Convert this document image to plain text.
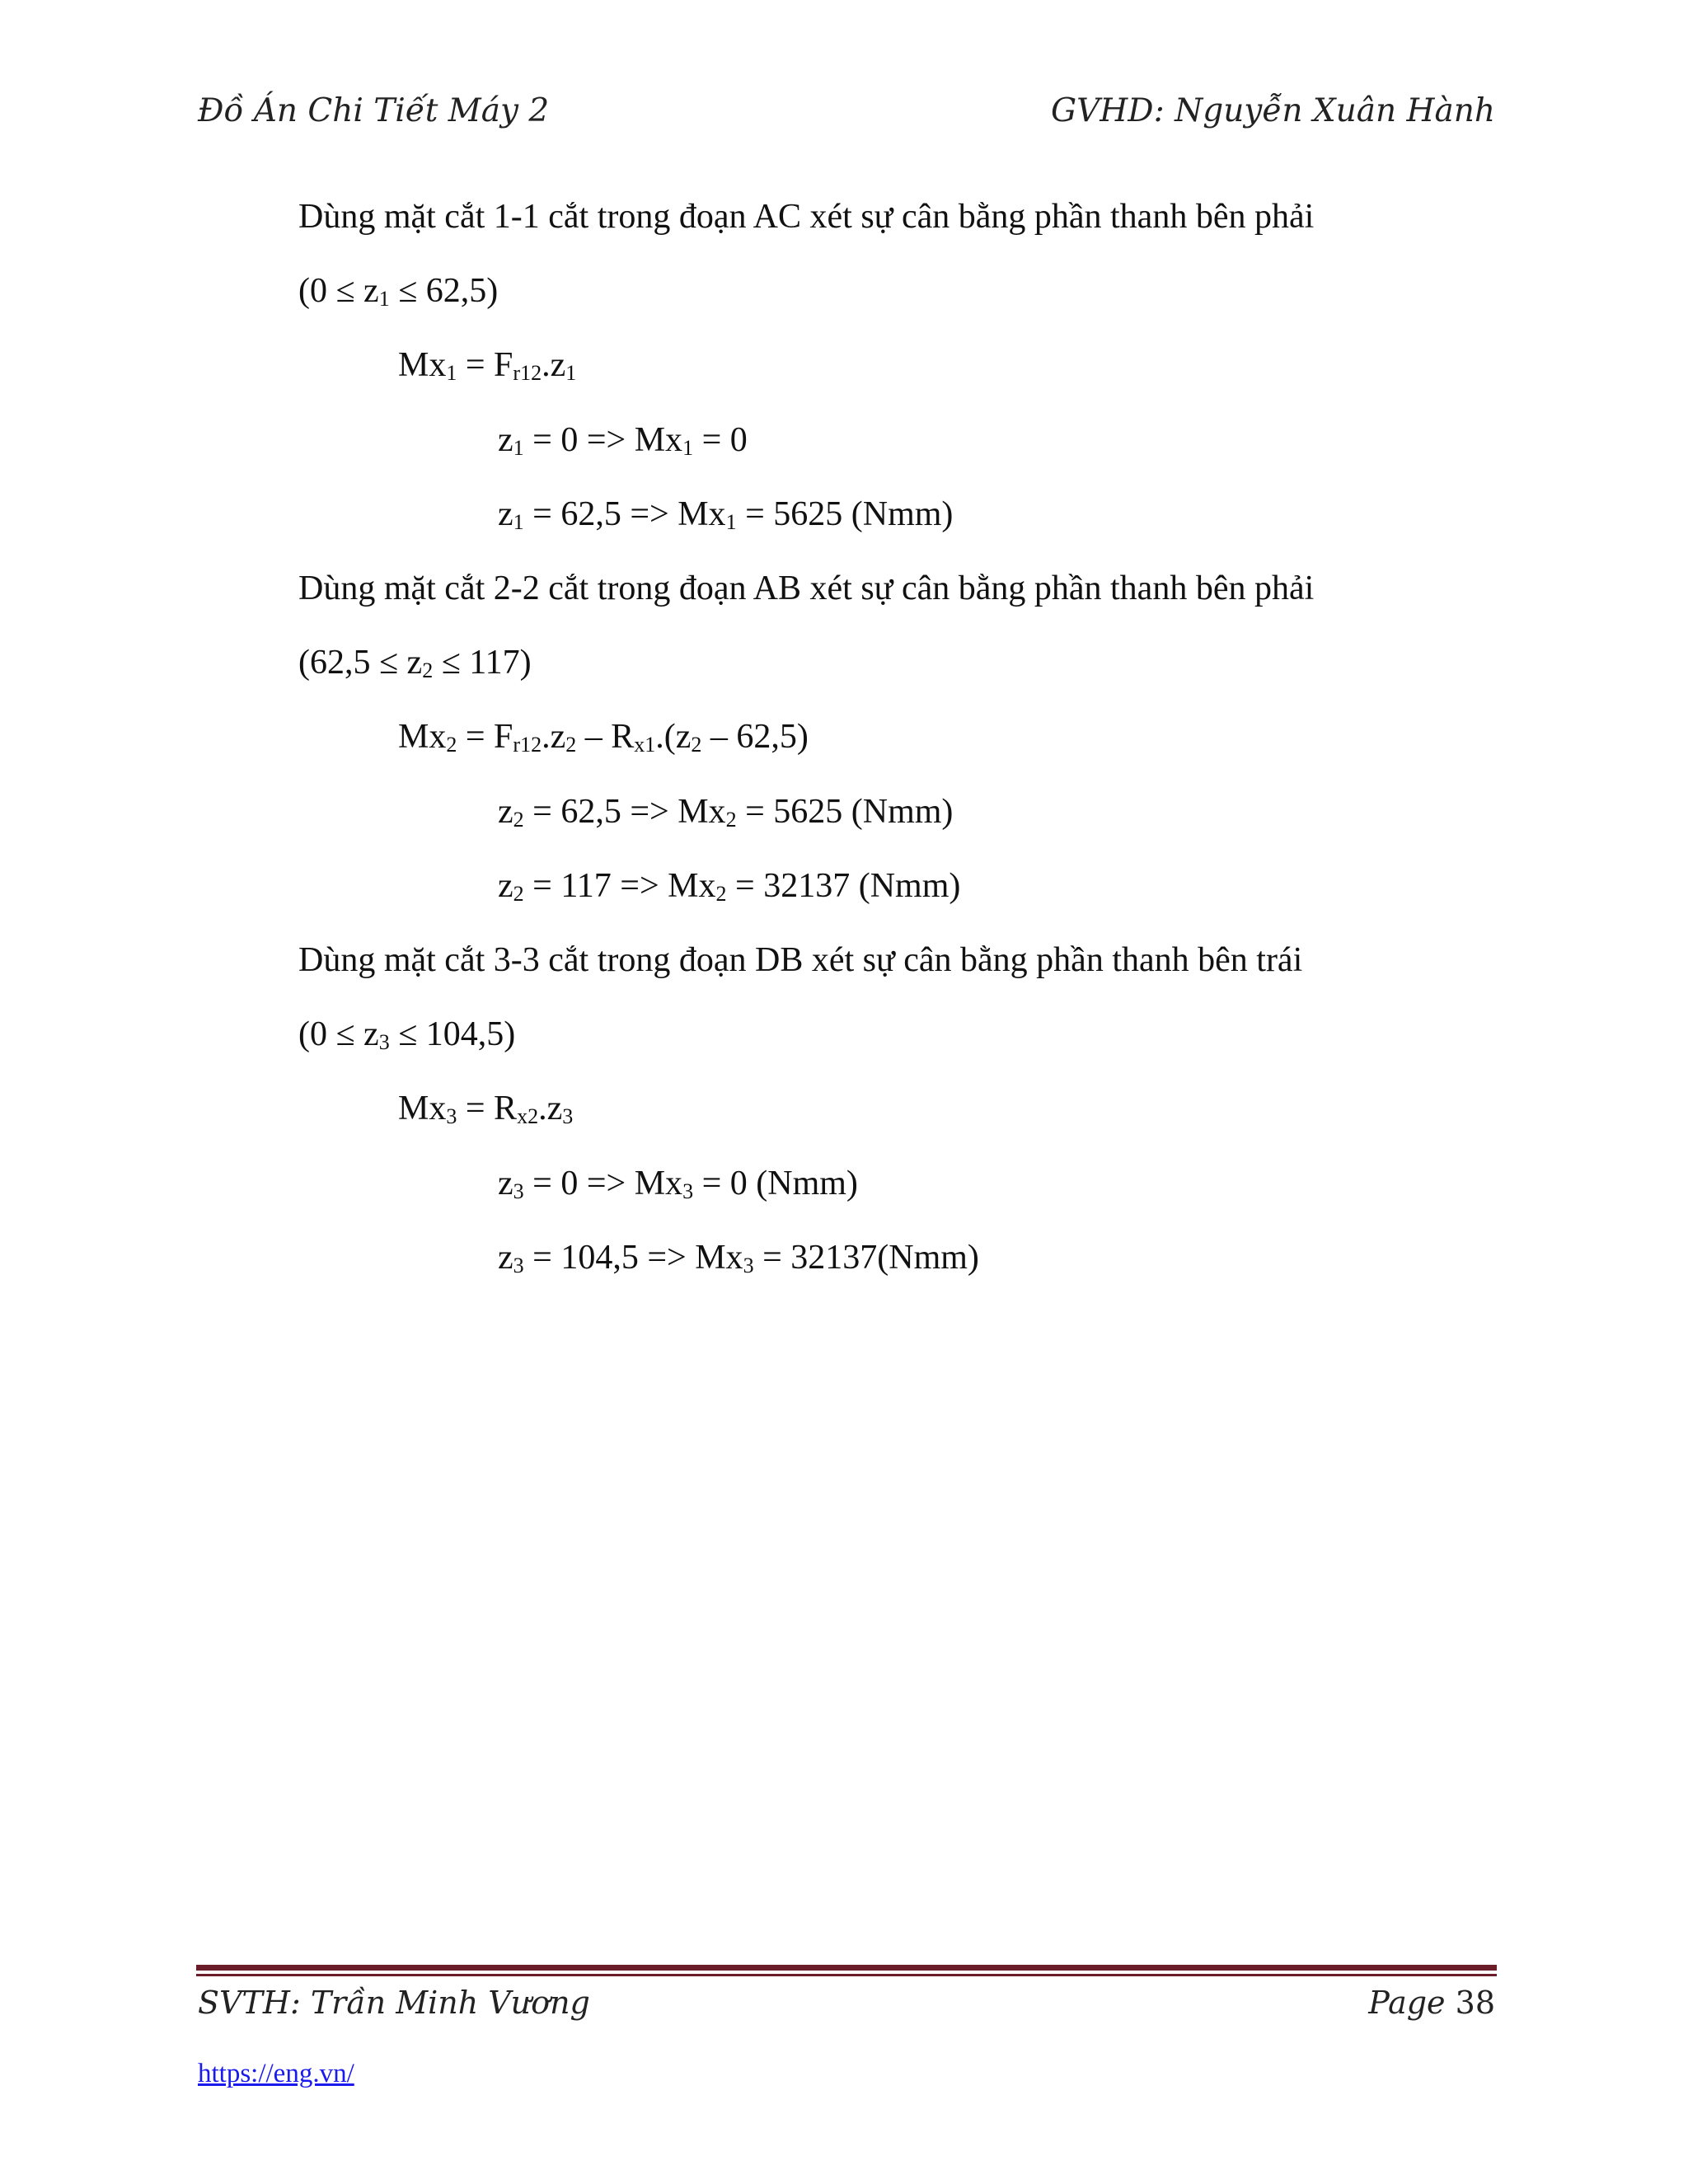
Đồ Án Chi Tiết Máy 2	GVHD: Nguyễn Xuân Hành
Dùng mặt cắt 1-1 cắt trong đoạn AC xét sự cân bằng phần thanh bên phải
(0 ≤ z1 ≤ 62,5)
Mx1 = Fr12.z1
z1 = 0 => Mx1 = 0
z1 = 62,5 => Mx1 = 5625 (Nmm)
Dùng mặt cắt 2-2 cắt trong đoạn AB xét sự cân bằng phần thanh bên phải
(62,5 ≤ z2 ≤ 117)
Mx2 = Fr12.z2 – Rx1.(z2 – 62,5)
z2 = 62,5 => Mx2 = 5625 (Nmm)
z2 = 117 => Mx2 = 32137 (Nmm)
Dùng mặt cắt 3-3 cắt trong đoạn DB xét sự cân bằng phần thanh bên trái
(0 ≤ z3 ≤ 104,5)
Mx3 = Rx2.z3
z3 = 0 => Mx3 = 0 (Nmm)
z3 = 104,5 => Mx3 = 32137(Nmm)
SVTH: Trần Minh Vương	Page 38
https://eng.vn/
